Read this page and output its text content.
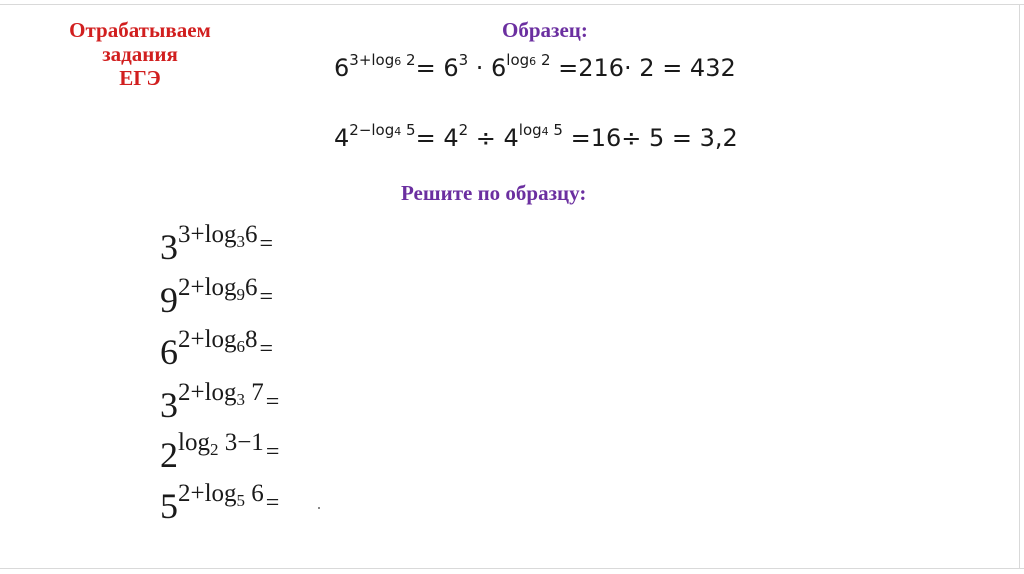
Отрабатываем
задания
ЕГЭ
Образец:
$6^{3+log6 2}= 6^3 \cdot 6^{log6 2} =216\cdot 2 = 432$
$4^{2-log4 5}= 4^2 \div 4^{log4 5} =16\div 5 = 3,2$
Решите по образцу:
$3^{3+log_36=}$
$9^{2+log_96=}$
$6^{2+log_68=}$
$3^{2+log_3 7=}$
$2^{log_2 3-1=}$
$5^{2+log_5 6=}$
